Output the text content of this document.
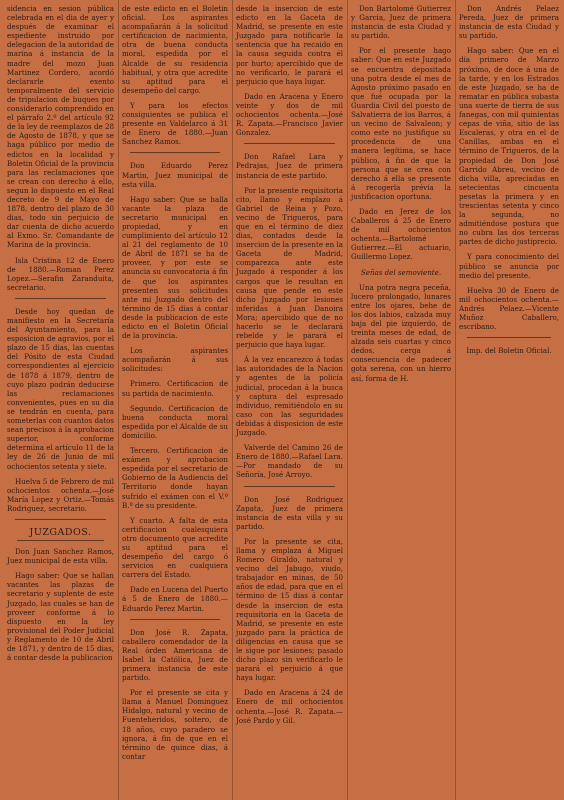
sidencia en sesion pública celebrada en el dia de ayer y después de examinar el espediente instruido por delegacion de la autoridad de marina á instancia de la madre del mozo Juan Martinez Cordero, acordó declararle exento temporalmente del servicio de tripulacion de buques por considerarlo comprendido en el párrafo 2.º del artículo 92 de la ley de reemplazos de 28 de Agosto de 1878, y que se haga público por medio de edictos en la localidad y Boletin Oficial de la provincia para las reclamaciones que se crean con derecho á ello, segun lo dispuesto en el Real decreto de 9 de Mayo de 1878, dentro del plazo de 30 dias, todo sin perjuicio de dar cuenta de dicho acuerdo al Exmo. Sr. Comandante de Marina de la provincia.

Isla Cristina 12 de Enero de 1880.—Roman Perez Lopez.—Serafin Zaranduita, secretario.

Desde hoy quedan de manifiesto en la Secretaría del Ayuntamiento, para la esposicion de agravios, por el plazo de 15 dias, las cuentas del Pósito de esta Ciudad correspondientes al ejercicio de 1878 á 1879, dentro de cuyo plazo podrán deducirse las reclamaciones convenientes, pues en su dia se tendrán en cuenta, para someterlas con cuantos datos sean precisos á la aprobacion superior, conforme determina el artículo 11 de la ley de 26 de Junio de mil ochocientos setenta y siete.

Huelva 5 de Febrero de mil ochocientos ochenta.—José María Lopez y Ortiz.—Tomás Rodriguez, secretario.

JUZGADOS.

Don Juan Sanchez Ramos, Juez municipal de esta villa.

Hago saber: Que se hallan vacantes las plazas de secretario y suplente de este Juzgado, las cuales se han de proveer conforme á lo dispuesto en la ley provisional del Poder Judicial y Reglamento de 10 de Abril de 1871, y dentro de 15 dias, á contar desde la publicacion

de este edicto en el Boletin oficial. Los aspirantes acompañarán á la solicitud certificacion de nacimiento, otra de buena conducta moral, espedida por el Alcalde de su residencia habitual, y otra que acredite su aptitud para el desempeño del cargo.

Y para los efectos consiguientes se publica el presente en Valdelarco á 31 de Enero de 1880.—Juan Sanchez Ramos.

Don Eduardo Perez Martin, Juez municipal de esta villa.

Hago saber: Que se halla vacante la plaza de secretario municipal en propiedad, y en cumplimiento del artículo 12 al 21 del reglamento de 10 de Abril de 1871 se ha de proveer, y por este se anuncia su convocatoria á fin de que los aspirantes presenten sus solicitudes ante mi Juzgado dentro del término de 15 dias á contar desde la publicacion de este edicto en el Boletin Oficial de la provincia.

Los aspirantes acompañarán á sus solicitudes:

Primero. Certificacion de su partida de nacimiento.

Segundo. Certificacion de buena conducta moral espedida por el Alcalde de su domicilio.

Tercero. Certificacion de exámen y aprobacion espedida por el secretario de Gobierno de la Audiencia del Territorio donde hayan sufrido el exámen con el V.º B.º de su presidente.

Y cuarto. A falta de esta certificacion cualesquiera otro documento que acredite su aptitud para el desempeño del cargo ó servicios en cualquiera carrera del Estado.

Dado en Lucena del Puerto á 5 de Enero de 1880.—Eduardo Perez Martin.

Don José R. Zapata, caballero comendador de la Real órden Americana de Isabel la Católica, Juez de primera instancia de este partido.

Por el presente se cita y llama á Manuel Dominguez Hidalgo, natural y vecino de Fuenteheridos, soltero, de 18 años, cuyo paradero se ignora, á fin de que en el término de quince dias, á contar

desde la insercion de este edicto en la Gaceta de Madrid, se presente en este Juzgado para notificarle la sentencia que ha recaido en la causa seguida contra él por hurto; apercibido que de no verificarlo, le parará el perjuicio que haya lugar.

Dado en Aracena y Enero veinte y dos de mil ochocientos ochenta.—José R. Zapata.—Francisco Javier Gonzalez.

Don Rafael Lara y Pedrajas, Juez de primera instancia de este partido.

Por la presente requisitoria cito, llamo y emplazo á Gabriel de Reina y Pozo, vecino de Trigueros, para que en el término de diez dias, contados desde la insercion de la presente en la Gaceta de Madrid, comparezca ante este Juzgado á responder á los cargos que le resultan en causa que pende en este dicho Juzgado por lesiones inferidas á Juan Danoira Mora; apercibido que de no hacerlo se le declarará rebelde y le parará el perjuicio que haya lugar.

Á la vez encarezco á todas las autoridades de la Nacion y agentes de la policía judicial, procedan á la busca y captura del espresado individuo, remitiéndolo en su caso con las seguridades debidas á disposicion de este Juzgado.

Valverde del Camino 26 de Enero de 1880.—Rafael Lara.—Por mandado de su Señoría, José Arroyo.

Don José Rodriguez Zapata, Juez de primera instancia de esta villa y su partido.

Por la presente se cita, llama y emplaza á Miguel Romero Giraldo, natural y vecino del Jabugo, viudo, trabajador en minas, de 50 años de edad, para que en el término de 15 dias á contar desde la insercion de esta requisitoria en la Gaceta de Madrid, se presente en este juzgado para la práctica de diligencias en causa que se le sigue por lesiones; pasado dicho plazo sin verificarlo le parará el perjuicio á que haya lugar.

Dado en Aracena á 24 de Enero de mil ochocientos ochenta.—José R. Zapata.—José Pardo y Gil.

Don Bartolomé Gutierrez y Garcia, Juez de primera instancia de esta Ciudad y su partido.

Por el presente hago saber: Que en este Juzgado se encuentra depositada una potra desde el mes de Agosto próximo pasado en que fué ocupada por la Guardia Civil del puesto de Salvatierra de los Barros, á un vecino de Salvaleon; y como este no justifique su procedencia de una manera legítima, se hace público, á fin de que la persona que se crea con derecho á ella se presente á recogerla prévia la justificacion oportuna.

Dado en Jerez de los Caballeros á 25 de Enero de mil ochocientos ochenta.—Bartolomé Gutierrez.—El actuario, Guillermo Lopez.

Señas del semoviente.

Una potra negra peceña, lucero prolongado, lunares entre los ojares, behe de los dos labios, calzada muy baja del pie izquierdo, de treinta meses de edad, de alzada seis cuartas y cinco dedos, cerga á consecuencia de padecer gota serena, con un hierro así, forma de H.

Don Andrés Pelaez Pereda, Juez de primera instancia de esta Ciudad y su partido.

Hago saber: Que en el dia primero de Marzo próximo, de doce á una de la tarde, y en los Estrados de este Juzgado, se ha de rematar en pública subasta una suerte de tierra de sus fanegas, con mil quinientas cepas de viña, sitio de las Escaleras, y otra en el de Canillas, ambas en el término de Trigueros, de la propiedad de Don José Garrido Abreu, vecino de dicha villa, apreciadas en setecientas cincuenta pesetas la primera y en trescientas setenta y cinco la segunda, no admitiéndose postura que no cubra las dos terceras partes de dicho justiprecio.

Y para conocimiento del público se anuncia por medio del presente.

Huelva 30 de Enero de mil ochocientos ochenta.—Andrés Pelaez.—Vicente Muñoz Caballero, escribano.

Imp. del Boletin Oficial.
